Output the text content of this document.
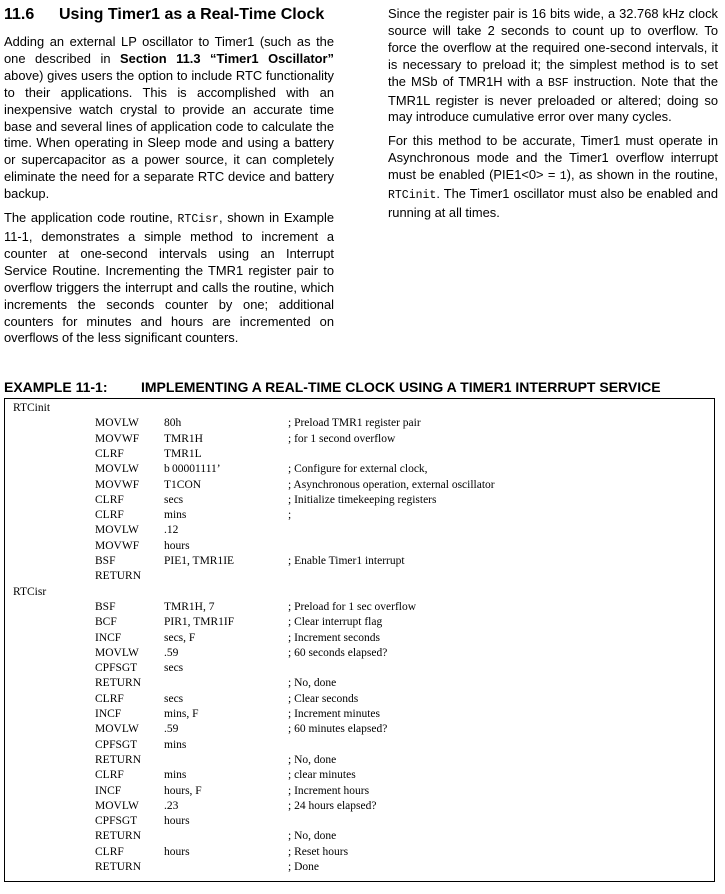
11.6 Using Timer1 as a Real-Time Clock

Adding an external LP oscillator to Timer1 (such as the one described in Section 11.3 “Timer1 Oscillator” above) gives users the option to include RTC functionality to their applications. This is accomplished with an inexpensive watch crystal to provide an accurate time base and several lines of application code to calculate the time. When operating in Sleep mode and using a battery or supercapacitor as a power source, it can completely eliminate the need for a separate RTC device and battery backup.

The application code routine, RTCisr, shown in Example 11-1, demonstrates a simple method to increment a counter at one-second intervals using an Interrupt Service Routine. Incrementing the TMR1 register pair to overflow triggers the interrupt and calls the routine, which increments the seconds counter by one; additional counters for minutes and hours are incremented on overflows of the less significant counters.

Since the register pair is 16 bits wide, a 32.768 kHz clock source will take 2 seconds to count up to overflow. To force the overflow at the required one-second intervals, it is necessary to preload it; the simplest method is to set the MSb of TMR1H with a BSF instruction. Note that the TMR1L register is never preloaded or altered; doing so may introduce cumulative error over many cycles.

For this method to be accurate, Timer1 must operate in Asynchronous mode and the Timer1 overflow interrupt must be enabled (PIE1<0> = 1), as shown in the routine, RTCinit. The Timer1 oscillator must also be enabled and running at all times.

EXAMPLE 11-1: IMPLEMENTING A REAL-TIME CLOCK USING A TIMER1 INTERRUPT SERVICE
RTCinit
MOVLW 80h	; Preload TMR1 register pair
MOVWF TMR1H	; for 1 second overflow
CLRF	TMR1L
MOVLW b 00001111’	; Configure for external clock,
MOVWF T1CON	; Asynchronous operation, external oscillator
CLRF	secs	; Initialize timekeeping registers
CLRF	mins	;
MOVLW .12
MOVWF hours
BSF	PIE1, TMR1IE	; Enable Timer1 interrupt
RETURN
RTCisr
BSF	TMR1H, 7	; Preload for 1 sec overflow
BCF	PIR1, TMR1IF	; Clear interrupt flag
INCF	secs, F	; Increment seconds
MOVLW .59	; 60 seconds elapsed?
CPFSGT secs
RETURN	; No, done
CLRF	secs	; Clear seconds
INCF	mins, F	; Increment minutes
MOVLW .59	; 60 minutes elapsed?
CPFSGT mins
RETURN	; No, done
CLRF	mins	; clear minutes
INCF	hours, F	; Increment hours
MOVLW .23	; 24 hours elapsed?
CPFSGT hours
RETURN	; No, done
CLRF	hours	; Reset hours
RETURN	; Done
